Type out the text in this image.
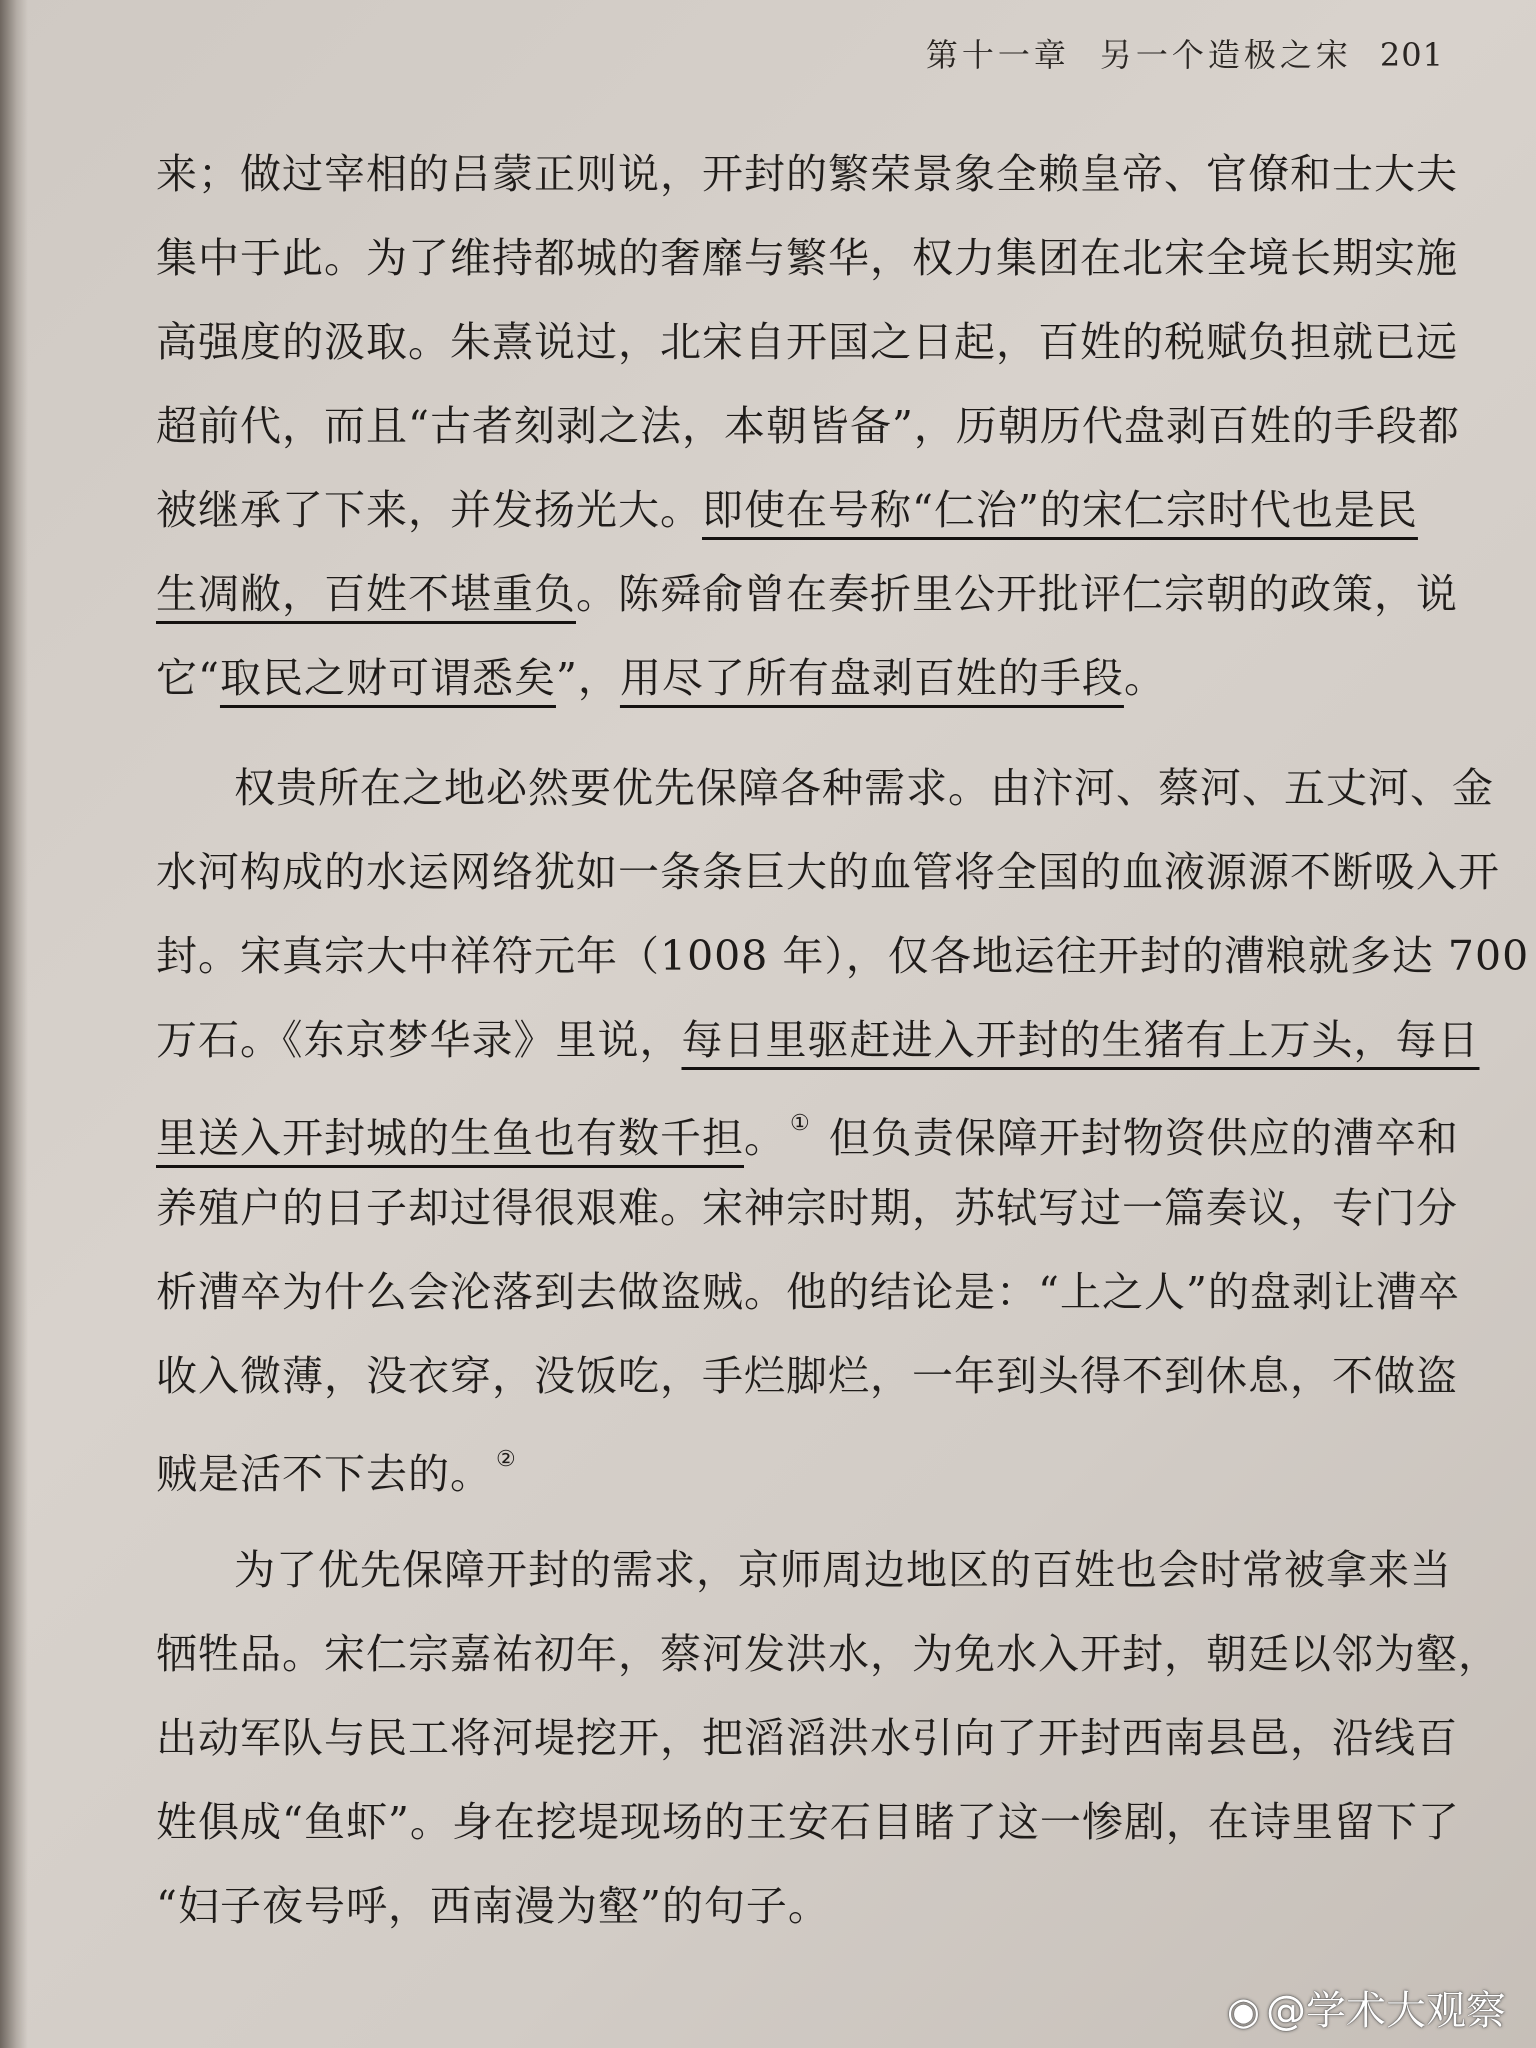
第十一章 另一个造极之宋 201
来；做过宰相的吕蒙正则说，开封的繁荣景象全赖皇帝、官僚和士大夫
集中于此。为了维持都城的奢靡与繁华，权力集团在北宋全境长期实施
高强度的汲取。朱熹说过，北宋自开国之日起，百姓的税赋负担就已远
超前代，而且“古者刻剥之法，本朝皆备”，历朝历代盘剥百姓的手段都
被继承了下来，并发扬光大。即使在号称“仁治”的宋仁宗时代也是民
生凋敝，百姓不堪重负。陈舜俞曾在奏折里公开批评仁宗朝的政策，说
它“取民之财可谓悉矣”，用尽了所有盘剥百姓的手段。
权贵所在之地必然要优先保障各种需求。由汴河、蔡河、五丈河、金
水河构成的水运网络犹如一条条巨大的血管将全国的血液源源不断吸入开
封。宋真宗大中祥符元年（1008 年），仅各地运往开封的漕粮就多达 700
万石。《东京梦华录》里说，每日里驱赶进入开封的生猪有上万头，每日
里送入开封城的生鱼也有数千担。 ① 但负责保障开封物资供应的漕卒和
养殖户的日子却过得很艰难。宋神宗时期，苏轼写过一篇奏议，专门分
析漕卒为什么会沦落到去做盗贼。他的结论是：“上之人”的盘剥让漕卒
收入微薄，没衣穿，没饭吃，手烂脚烂，一年到头得不到休息，不做盗
贼是活不下去的。 ②
为了优先保障开封的需求，京师周边地区的百姓也会时常被拿来当
牺牲品。宋仁宗嘉祐初年，蔡河发洪水，为免水入开封，朝廷以邻为壑，
出动军队与民工将河堤挖开，把滔滔洪水引向了开封西南县邑，沿线百
姓俱成“鱼虾”。身在挖堤现场的王安石目睹了这一惨剧，在诗里留下了
“妇子夜号呼，西南漫为壑”的句子。
◉ @学术大观察
